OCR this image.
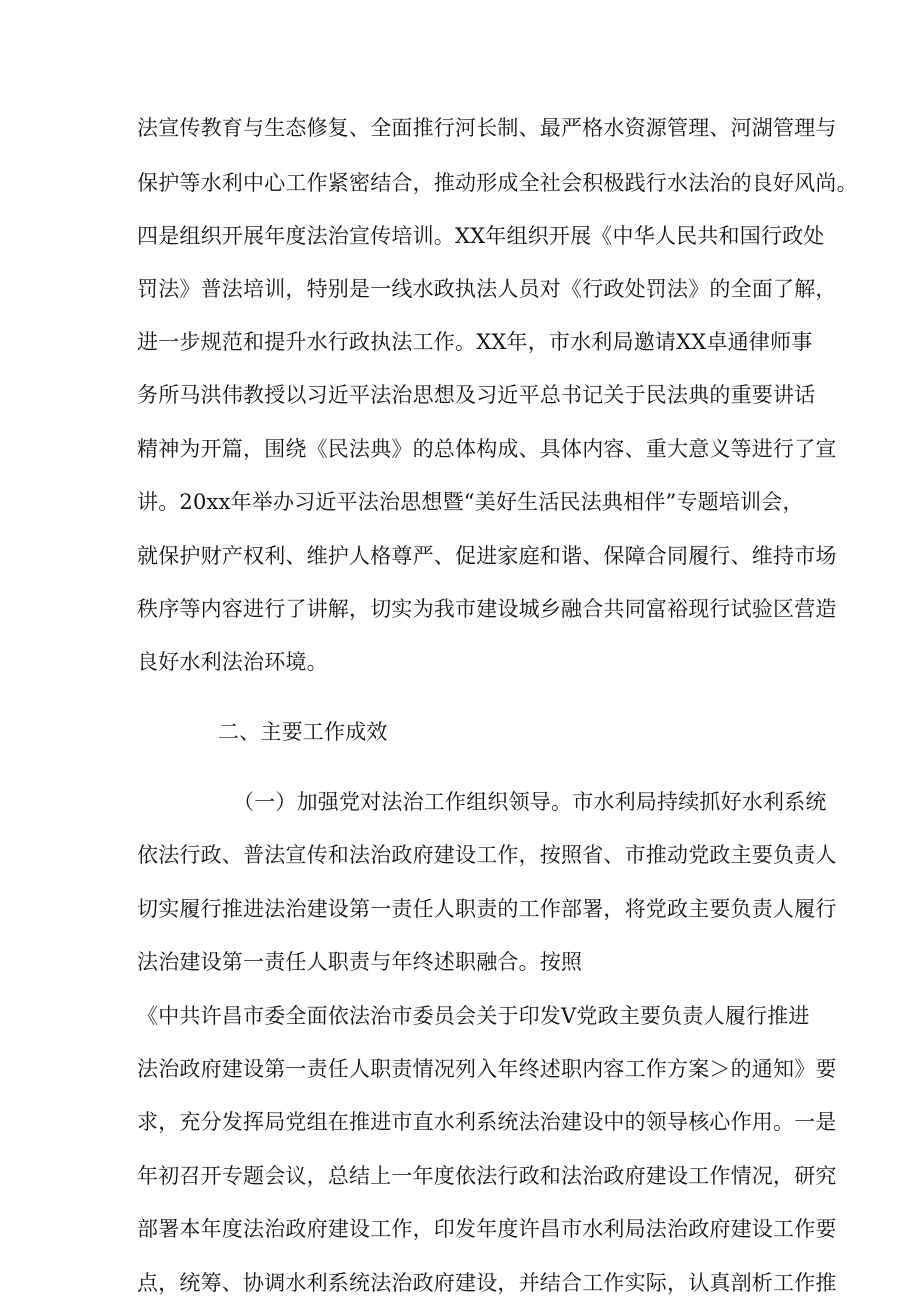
法宣传教育与生态修复、全面推行河长制、最严格水资源管理、河湖管理与
保护等水利中心工作紧密结合，推动形成全社会积极践行水法治的良好风尚。
四是组织开展年度法治宣传培训。XX年组织开展《中华人民共和国行政处
罚法》普法培训，特别是一线水政执法人员对《行政处罚法》的全面了解，
进一步规范和提升水行政执法工作。XX年，市水利局邀请XX卓通律师事
务所马洪伟教授以习近平法治思想及习近平总书记关于民法典的重要讲话
精神为开篇，围绕《民法典》的总体构成、具体内容、重大意义等进行了宣
讲。20xx年举办习近平法治思想暨“美好生活民法典相伴”专题培训会，
就保护财产权利、维护人格尊严、促进家庭和谐、保障合同履行、维持市场
秩序等内容进行了讲解，切实为我市建设城乡融合共同富裕现行试验区营造
良好水利法治环境。
二、主要工作成效
（一）加强党对法治工作组织领导。市水利局持续抓好水利系统
依法行政、普法宣传和法治政府建设工作，按照省、市推动党政主要负责人
切实履行推进法治建设第一责任人职责的工作部署，将党政主要负责人履行
法治建设第一责任人职责与年终述职融合。按照
《中共许昌市委全面依法治市委员会关于印发V党政主要负责人履行推进
法治政府建设第一责任人职责情况列入年终述职内容工作方案＞的通知》要
求，充分发挥局党组在推进市直水利系统法治建设中的领导核心作用。一是
年初召开专题会议，总结上一年度依法行政和法治政府建设工作情况，研究
部署本年度法治政府建设工作，印发年度许昌市水利局法治政府建设工作要
点，统筹、协调水利系统法治政府建设，并结合工作实际，认真剖析工作推
